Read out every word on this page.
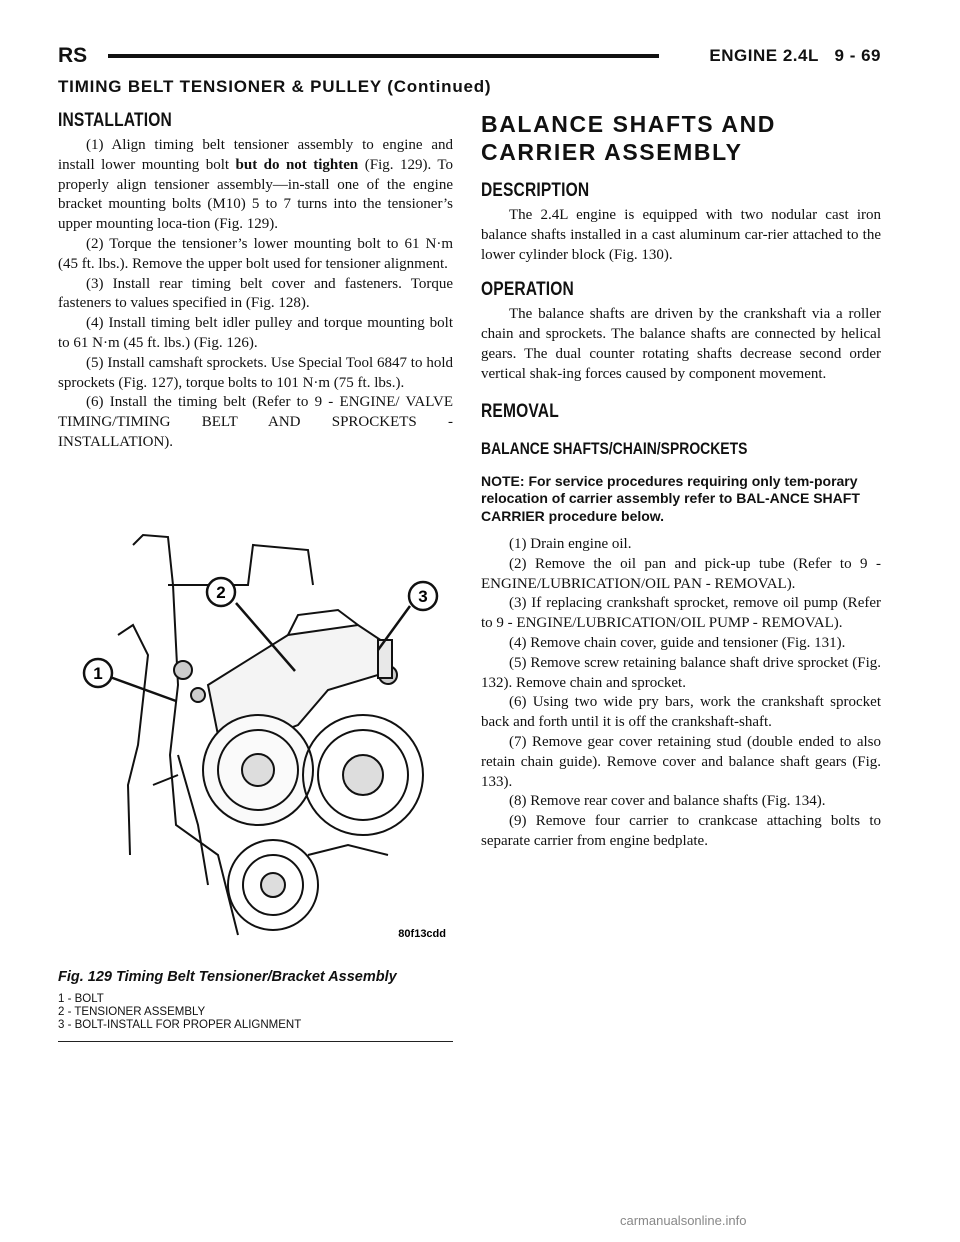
RS	ENGINE 2.4L 9 - 69
TIMING BELT TENSIONER & PULLEY (Continued)
INSTALLATION

(1) Align timing belt tensioner assembly to engine and install lower mounting bolt but do not tighten (Fig. 129). To properly align tensioner assembly—in-stall one of the engine bracket mounting bolts (M10) 5 to 7 turns into the tensioner’s upper mounting loca-tion (Fig. 129).

(2) Torque the tensioner’s lower mounting bolt to 61 N·m (45 ft. lbs.). Remove the upper bolt used for tensioner alignment.

(3) Install rear timing belt cover and fasteners. Torque fasteners to values specified in (Fig. 128).

(4) Install timing belt idler pulley and torque mounting bolt to 61 N·m (45 ft. lbs.) (Fig. 126).

(5) Install camshaft sprockets. Use Special Tool 6847 to hold sprockets (Fig. 127), torque bolts to 101 N·m (75 ft. lbs.).

(6) Install the timing belt (Refer to 9 - ENGINE/ VALVE TIMING/TIMING BELT AND SPROCKETS - INSTALLATION).

1
2	3
80f13cdd
Fig. 129 Timing Belt Tensioner/Bracket Assembly
1 - BOLT
2 - TENSIONER ASSEMBLY
3 - BOLT-INSTALL FOR PROPER ALIGNMENT
BALANCE SHAFTS AND CARRIER ASSEMBLY
DESCRIPTION

The 2.4L engine is equipped with two nodular cast iron balance shafts installed in a cast aluminum car-rier attached to the lower cylinder block (Fig. 130).

OPERATION

The balance shafts are driven by the crankshaft via a roller chain and sprockets. The balance shafts are connected by helical gears. The dual counter rotating shafts decrease second order vertical shak-ing forces caused by component movement.

REMOVAL
BALANCE SHAFTS/CHAIN/SPROCKETS

NOTE: For service procedures requiring only tem-porary relocation of carrier assembly refer to BAL-ANCE SHAFT CARRIER procedure below.

(1) Drain engine oil.

(2) Remove the oil pan and pick-up tube (Refer to 9 - ENGINE/LUBRICATION/OIL PAN - REMOVAL).

(3) If replacing crankshaft sprocket, remove oil pump (Refer to 9 - ENGINE/LUBRICATION/OIL PUMP - REMOVAL).

(4) Remove chain cover, guide and tensioner (Fig. 131).

(5) Remove screw retaining balance shaft drive sprocket (Fig. 132). Remove chain and sprocket.

(6) Using two wide pry bars, work the crankshaft sprocket back and forth until it is off the crankshaft-shaft.

(7) Remove gear cover retaining stud (double ended to also retain chain guide). Remove cover and balance shaft gears (Fig. 133).

(8) Remove rear cover and balance shafts (Fig. 134).

(9) Remove four carrier to crankcase attaching bolts to separate carrier from engine bedplate.

carmanualsonline.info
